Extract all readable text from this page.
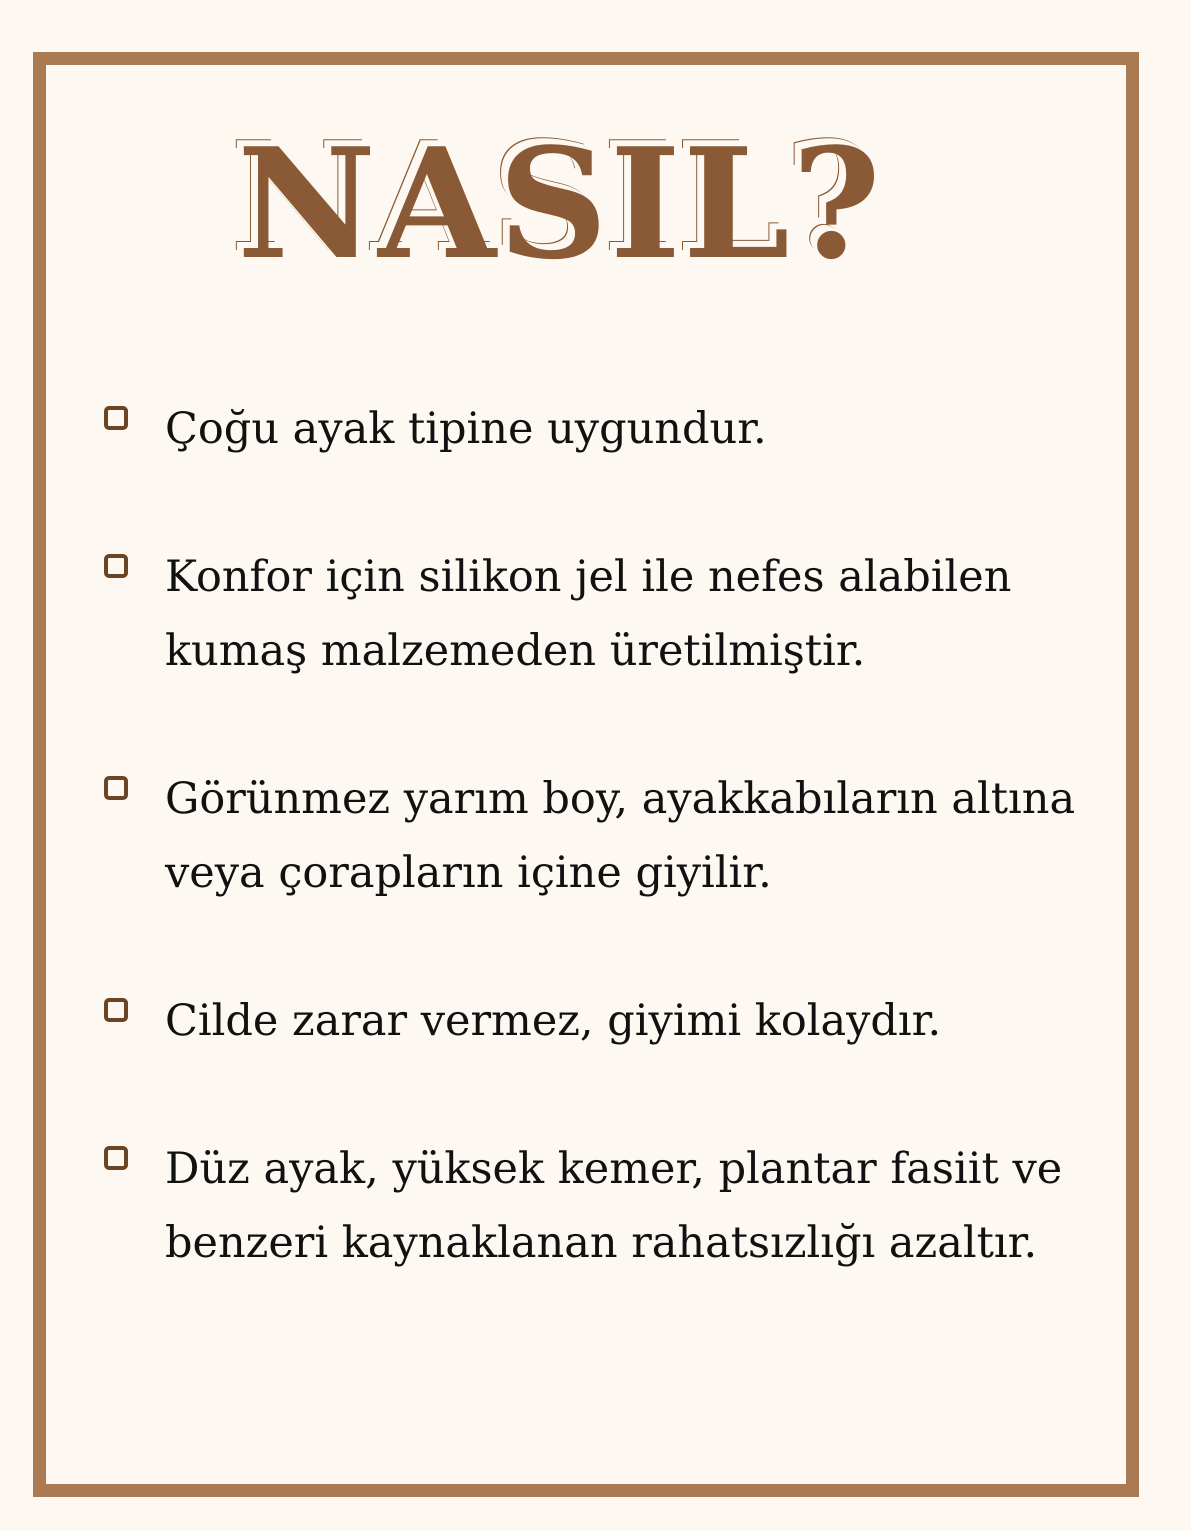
NASIL?
Çoğu ayak tipine uygundur.
Konfor için silikon jel ile nefes alabilen kumaş malzemeden üretilmiştir.
Görünmez yarım boy, ayakkabıların altına veya çorapların içine giyilir.
Cilde zarar vermez, giyimi kolaydır.
Düz ayak, yüksek kemer, plantar fasiit ve benzeri kaynaklanan rahatsızlığı azaltır.
